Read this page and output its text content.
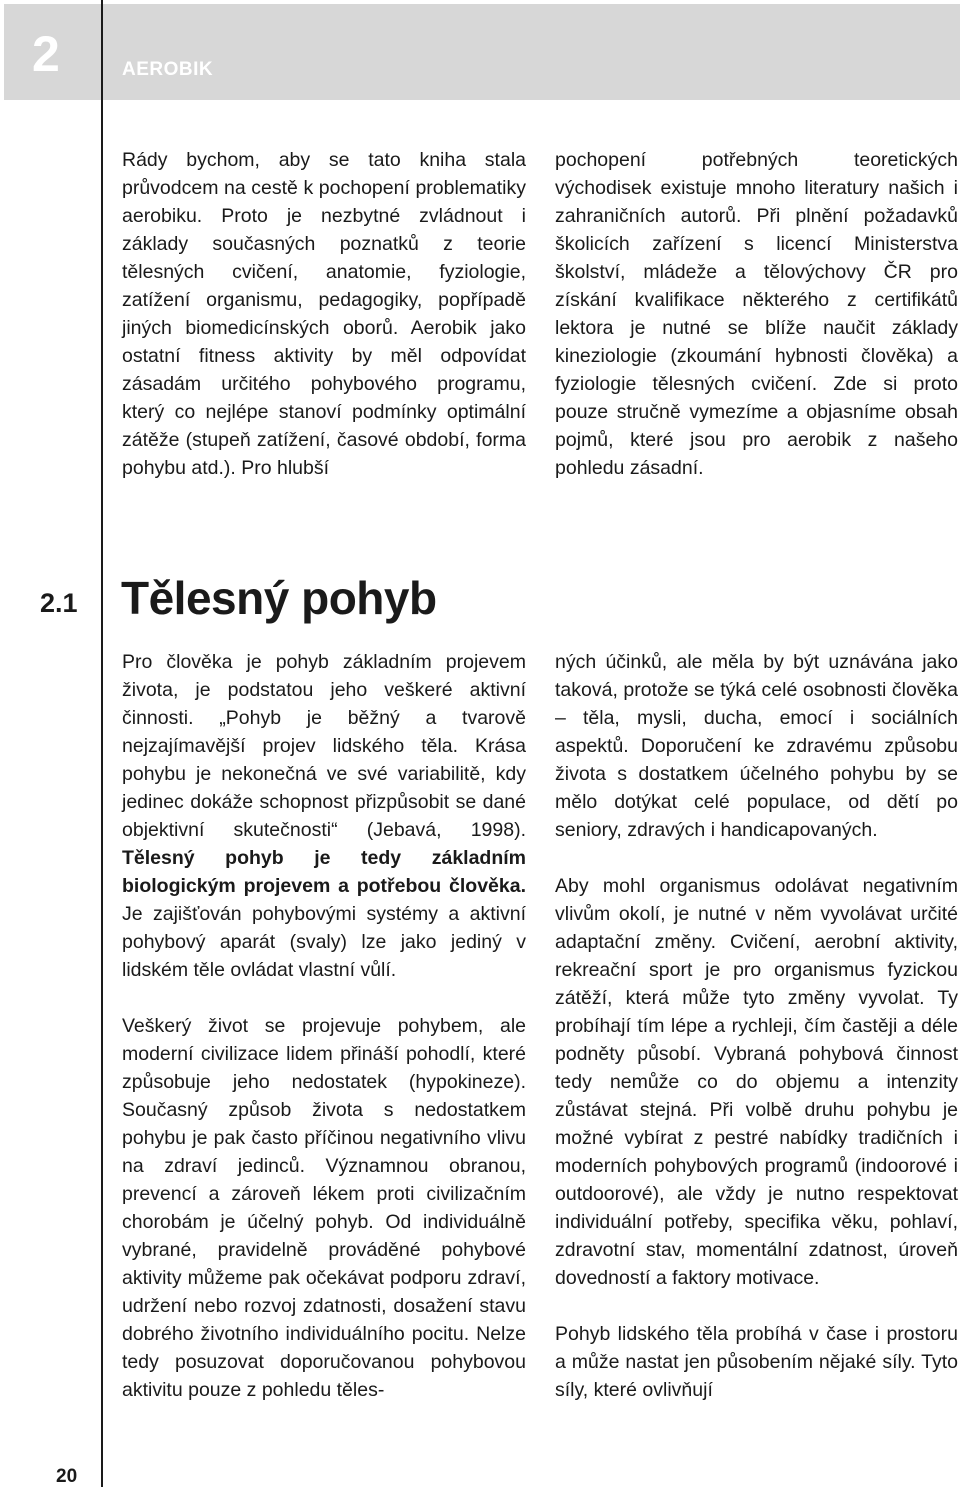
2	AEROBIK

Rády bychom, aby se tato kniha stala průvodcem na cestě k pochopení problematiky aerobiku. Proto je nezbytné zvládnout i základy současných poznatků z teorie tělesných cvičení, anatomie, fyziologie, zatížení organismu, pedagogiky, popřípadě jiných biomedicínských oborů. Aerobik jako ostatní fitness aktivity by měl odpovídat zásadám určitého pohybového programu, který co nejlépe stanoví podmínky optimální zátěže (stupeň zatížení, časové období, forma pohybu atd.). Pro hlubší

pochopení potřebných teoretických východisek existuje mnoho literatury našich i zahraničních autorů. Při plnění požadavků školicích zařízení s licencí Ministerstva školství, mládeže a tělovýchovy ČR pro získání kvalifikace některého z certifikátů lektora je nutné se blíže naučit základy kineziologie (zkoumání hybnosti člověka) a fyziologie tělesných cvičení. Zde si proto pouze stručně vymezíme a objasníme obsah pojmů, které jsou pro aerobik z našeho pohledu zásadní.

2.1 Tělesný pohyb

Pro člověka je pohyb základním projevem života, je podstatou jeho veškeré aktivní činnosti. „Pohyb je běžný a tvarově nejzajímavější projev lidského těla. Krása pohybu je nekonečná ve své variabilitě, kdy jedinec dokáže schopnost přizpůsobit se dané objektivní skutečnosti“ (Jebavá, 1998). Tělesný pohyb je tedy základním biologickým projevem a potřebou člověka. Je zajišťován pohybovými systémy a aktivní pohybový aparát (svaly) lze jako jediný v lidském těle ovládat vlastní vůlí.

Veškerý život se projevuje pohybem, ale moderní civilizace lidem přináší pohodlí, které způsobuje jeho nedostatek (hypokineze). Současný způsob života s nedostatkem pohybu je pak často příčinou negativního vlivu na zdraví jedinců. Významnou obranou, prevencí a zároveň lékem proti civilizačním chorobám je účelný pohyb. Od individuálně vybrané, pravidelně prováděné pohybové aktivity můžeme pak očekávat podporu zdraví, udržení nebo rozvoj zdatnosti, dosažení stavu dobrého životního individuálního pocitu. Nelze tedy posuzovat doporučovanou pohybovou aktivitu pouze z pohledu těles-

ných účinků, ale měla by být uznávána jako taková, protože se týká celé osobnosti člověka – těla, mysli, ducha, emocí i sociálních aspektů. Doporučení ke zdravému způsobu života s dostatkem účelného pohybu by se mělo dotýkat celé populace, od dětí po seniory, zdravých i handicapovaných.

Aby mohl organismus odolávat negativním vlivům okolí, je nutné v něm vyvolávat určité adaptační změny. Cvičení, aerobní aktivity, rekreační sport je pro organismus fyzickou zátěží, která může tyto změny vyvolat. Ty probíhají tím lépe a rychleji, čím častěji a déle podněty působí. Vybraná pohybová činnost tedy nemůže co do objemu a intenzity zůstávat stejná. Při volbě druhu pohybu je možné vybírat z pestré nabídky tradičních i moderních pohybových programů (indoorové i outdoorové), ale vždy je nutno respektovat individuální potřeby, specifika věku, pohlaví, zdravotní stav, momentální zdatnost, úroveň dovedností a faktory motivace.

Pohyb lidského těla probíhá v čase i prostoru a může nastat jen působením nějaké síly. Tyto síly, které ovlivňují

20
